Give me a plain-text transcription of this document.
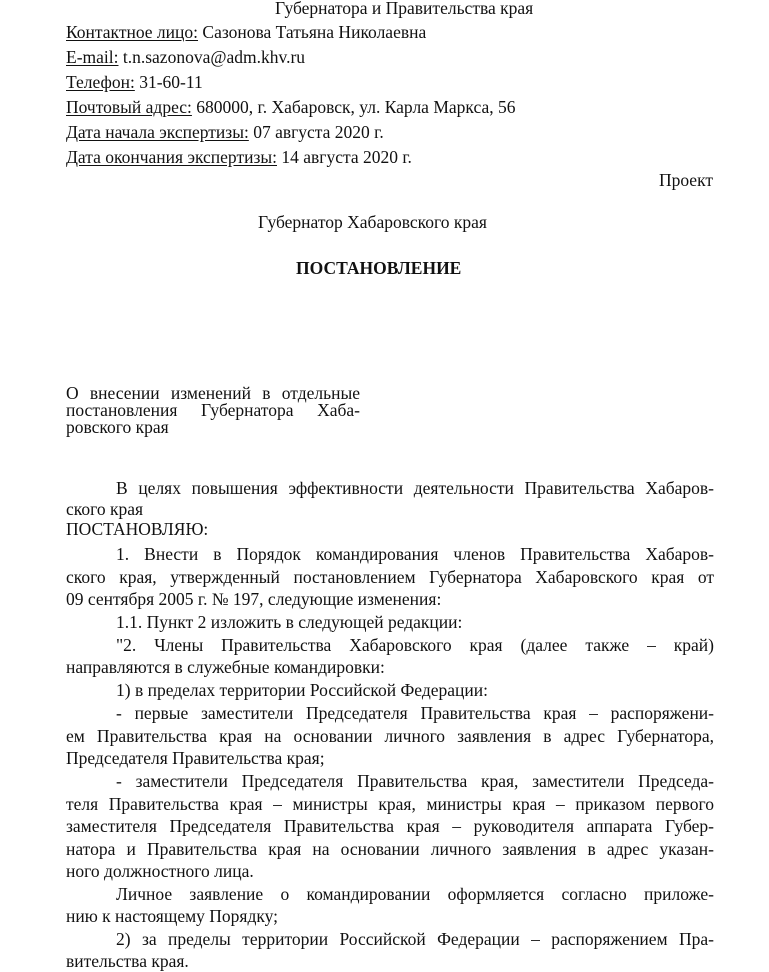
Губернатора и Правительства края
Контактное лицо: Сазонова Татьяна Николаевна
E-mail: t.n.sazonova@adm.khv.ru
Телефон: 31-60-11
Почтовый адрес: 680000, г. Хабаровск, ул. Карла Маркса, 56
Дата начала экспертизы: 07 августа 2020 г.
Дата окончания экспертизы: 14 августа 2020 г.
Проект
Губернатор Хабаровского края
ПОСТАНОВЛЕНИЕ
О внесении изменений в отдельные
постановления Губернатора Хаба-
ровского края
В целях повышения эффективности деятельности Правительства Хабаров-
ского края
ПОСТАНОВЛЯЮ:
1. Внести в Порядок командирования членов Правительства Хабаров-
ского края, утвержденный постановлением Губернатора Хабаровского края от
09 сентября 2005 г. № 197, следующие изменения:
1.1. Пункт 2 изложить в следующей редакции:
"2. Члены Правительства Хабаровского края (далее также – край)
направляются в служебные командировки:
1) в пределах территории Российской Федерации:
- первые заместители Председателя Правительства края – распоряжени-
ем Правительства края на основании личного заявления в адрес Губернатора,
Председателя Правительства края;
- заместители Председателя Правительства края, заместители Председа-
теля Правительства края – министры края, министры края – приказом первого
заместителя Председателя Правительства края – руководителя аппарата Губер-
натора и Правительства края на основании личного заявления в адрес указан-
ного должностного лица.
Личное заявление о командировании оформляется согласно приложе-
нию к настоящему Порядку;
2) за пределы территории Российской Федерации – распоряжением Пра-
вительства края.
